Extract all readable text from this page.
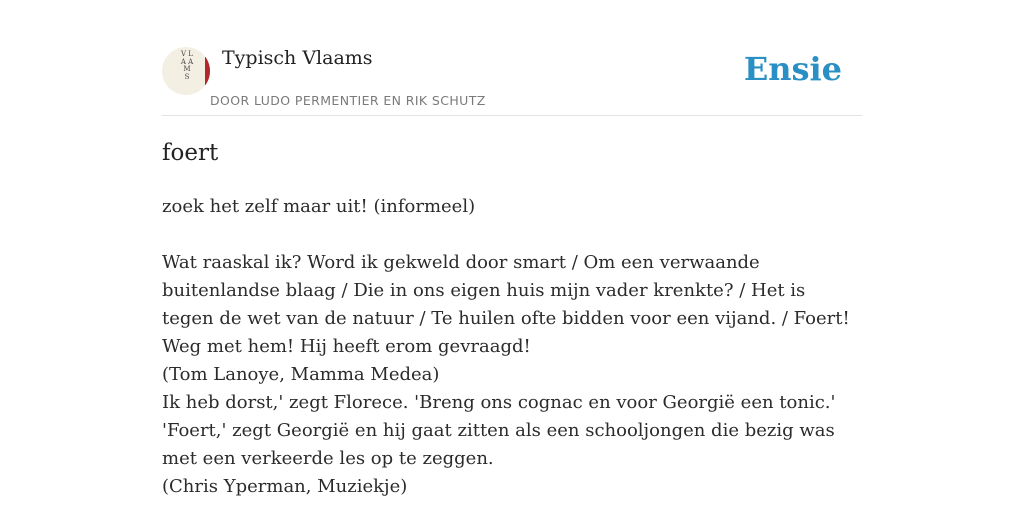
V L A A M S
Typisch Vlaams
DOOR LUDO PERMENTIER EN RIK SCHUTZ
Ensie
foert
zoek het zelf maar uit! (informeel)

Wat raaskal ik? Word ik gekweld door smart / Om een verwaande buitenlandse blaag / Die in ons eigen huis mijn vader krenkte? / Het is tegen de wet van de natuur / Te huilen ofte bidden voor een vijand. / Foert! Weg met hem! Hij heeft erom gevraagd!

(Tom Lanoye, Mamma Medea)

Ik heb dorst,' zegt Florece. 'Breng ons cognac en voor Georgië een tonic.' 'Foert,' zegt Georgië en hij gaat zitten als een schooljongen die bezig was met een verkeerde les op te zeggen.

(Chris Yperman, Muziekje)
